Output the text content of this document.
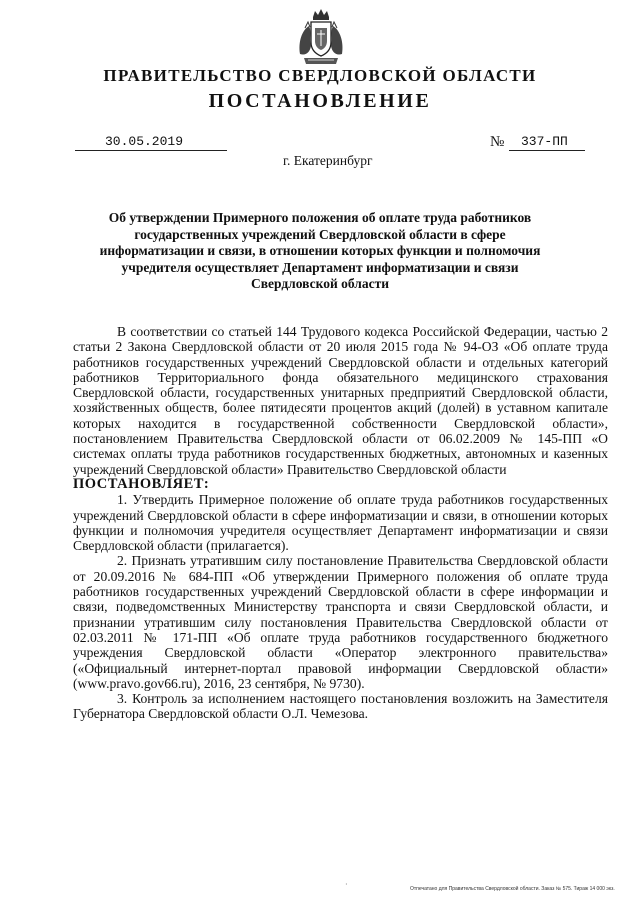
ПРАВИТЕЛЬСТВО СВЕРДЛОВСКОЙ ОБЛАСТИ
ПОСТАНОВЛЕНИЕ
30.05.2019	№	337-ПП
г. Екатеринбург
Об утверждении Примерного положения об оплате труда работников государственных учреждений Свердловской области в сфере информатизации и связи, в отношении которых функции и полномочия учредителя осуществляет Департамент информатизации и связи Свердловской области

В соответствии со статьей 144 Трудового кодекса Российской Федерации, частью 2 статьи 2 Закона Свердловской области от 20 июля 2015 года № 94-ОЗ «Об оплате труда работников государственных учреждений Свердловской области и отдельных категорий работников Территориального фонда обязательного медицинского страхования Свердловской области, государственных унитарных предприятий Свердловской области, хозяйственных обществ, более пятидесяти процентов акций (долей) в уставном капитале которых находится в государственной собственности Свердловской области», постановлением Правительства Свердловской области от 06.02.2009 № 145-ПП «О системах оплаты труда работников государственных бюджетных, автономных и казенных учреждений Свердловской области» Правительство Свердловской области

ПОСТАНОВЛЯЕТ:

1. Утвердить Примерное положение об оплате труда работников государственных учреждений Свердловской области в сфере информатизации и связи, в отношении которых функции и полномочия учредителя осуществляет Департамент информатизации и связи Свердловской области (прилагается).

2. Признать утратившим силу постановление Правительства Свердловской области от 20.09.2016 № 684-ПП «Об утверждении Примерного положения об оплате труда работников государственных учреждений Свердловской области в сфере информации и связи, подведомственных Министерству транспорта и связи Свердловской области, и признании утратившим силу постановления Правительства Свердловской области от 02.03.2011 № 171-ПП «Об оплате труда работников государственного бюджетного учреждения Свердловской области «Оператор электронного правительства» («Официальный интернет-портал правовой информации Свердловской области» (www.pravo.gov66.ru), 2016, 23 сентября, № 9730).

3. Контроль за исполнением настоящего постановления возложить на Заместителя Губернатора Свердловской области О.Л. Чемезова.

·	Отпечатано для Правительства Свердловской области. Заказ № 575. Тираж 14 000 экз.
